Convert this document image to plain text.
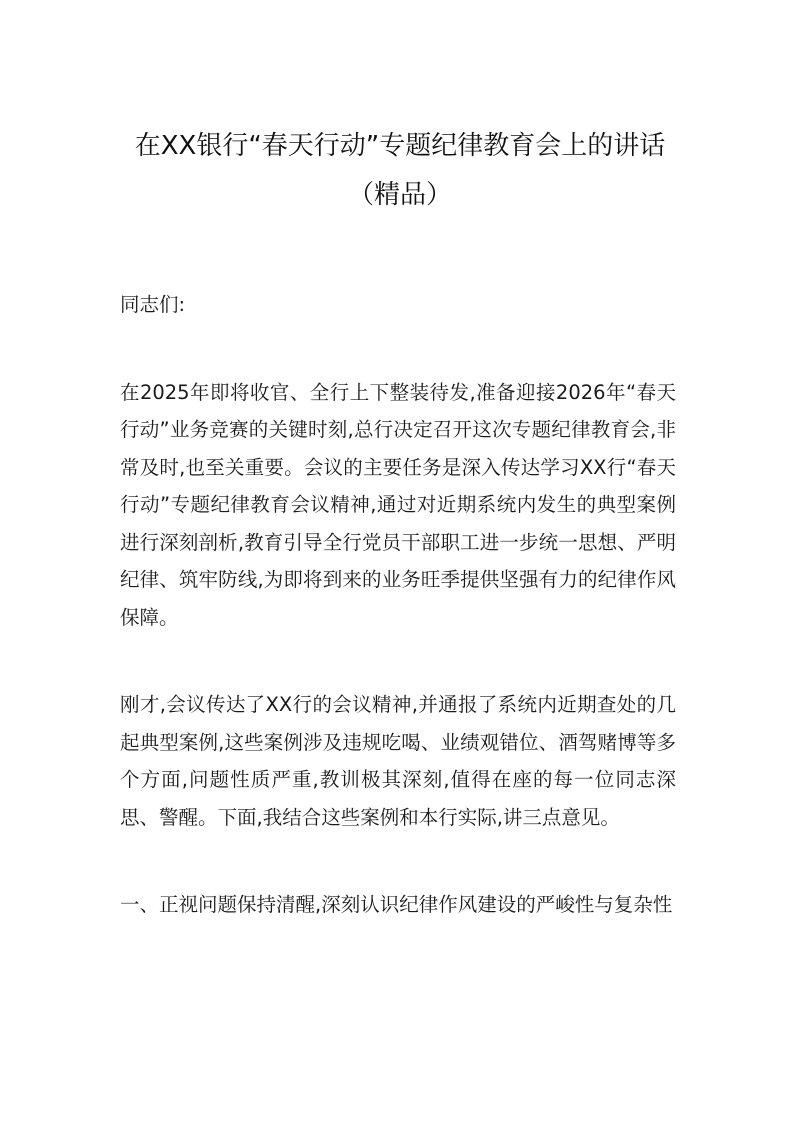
在XX银行“春天行动”专题纪律教育会上的讲话（精品）

同志们:

在2025年即将收官、全行上下整装待发,准备迎接2026年“春天行动”业务竞赛的关键时刻,总行决定召开这次专题纪律教育会,非常及时,也至关重要。会议的主要任务是深入传达学习XX行“春天行动”专题纪律教育会议精神,通过对近期系统内发生的典型案例进行深刻剖析,教育引导全行党员干部职工进一步统一思想、严明纪律、筑牢防线,为即将到来的业务旺季提供坚强有力的纪律作风保障。

刚才,会议传达了XX行的会议精神,并通报了系统内近期查处的几起典型案例,这些案例涉及违规吃喝、业绩观错位、酒驾赌博等多个方面,问题性质严重,教训极其深刻,值得在座的每一位同志深思、警醒。下面,我结合这些案例和本行实际,讲三点意见。

一、正视问题保持清醒,深刻认识纪律作风建设的严峻性与复杂性
